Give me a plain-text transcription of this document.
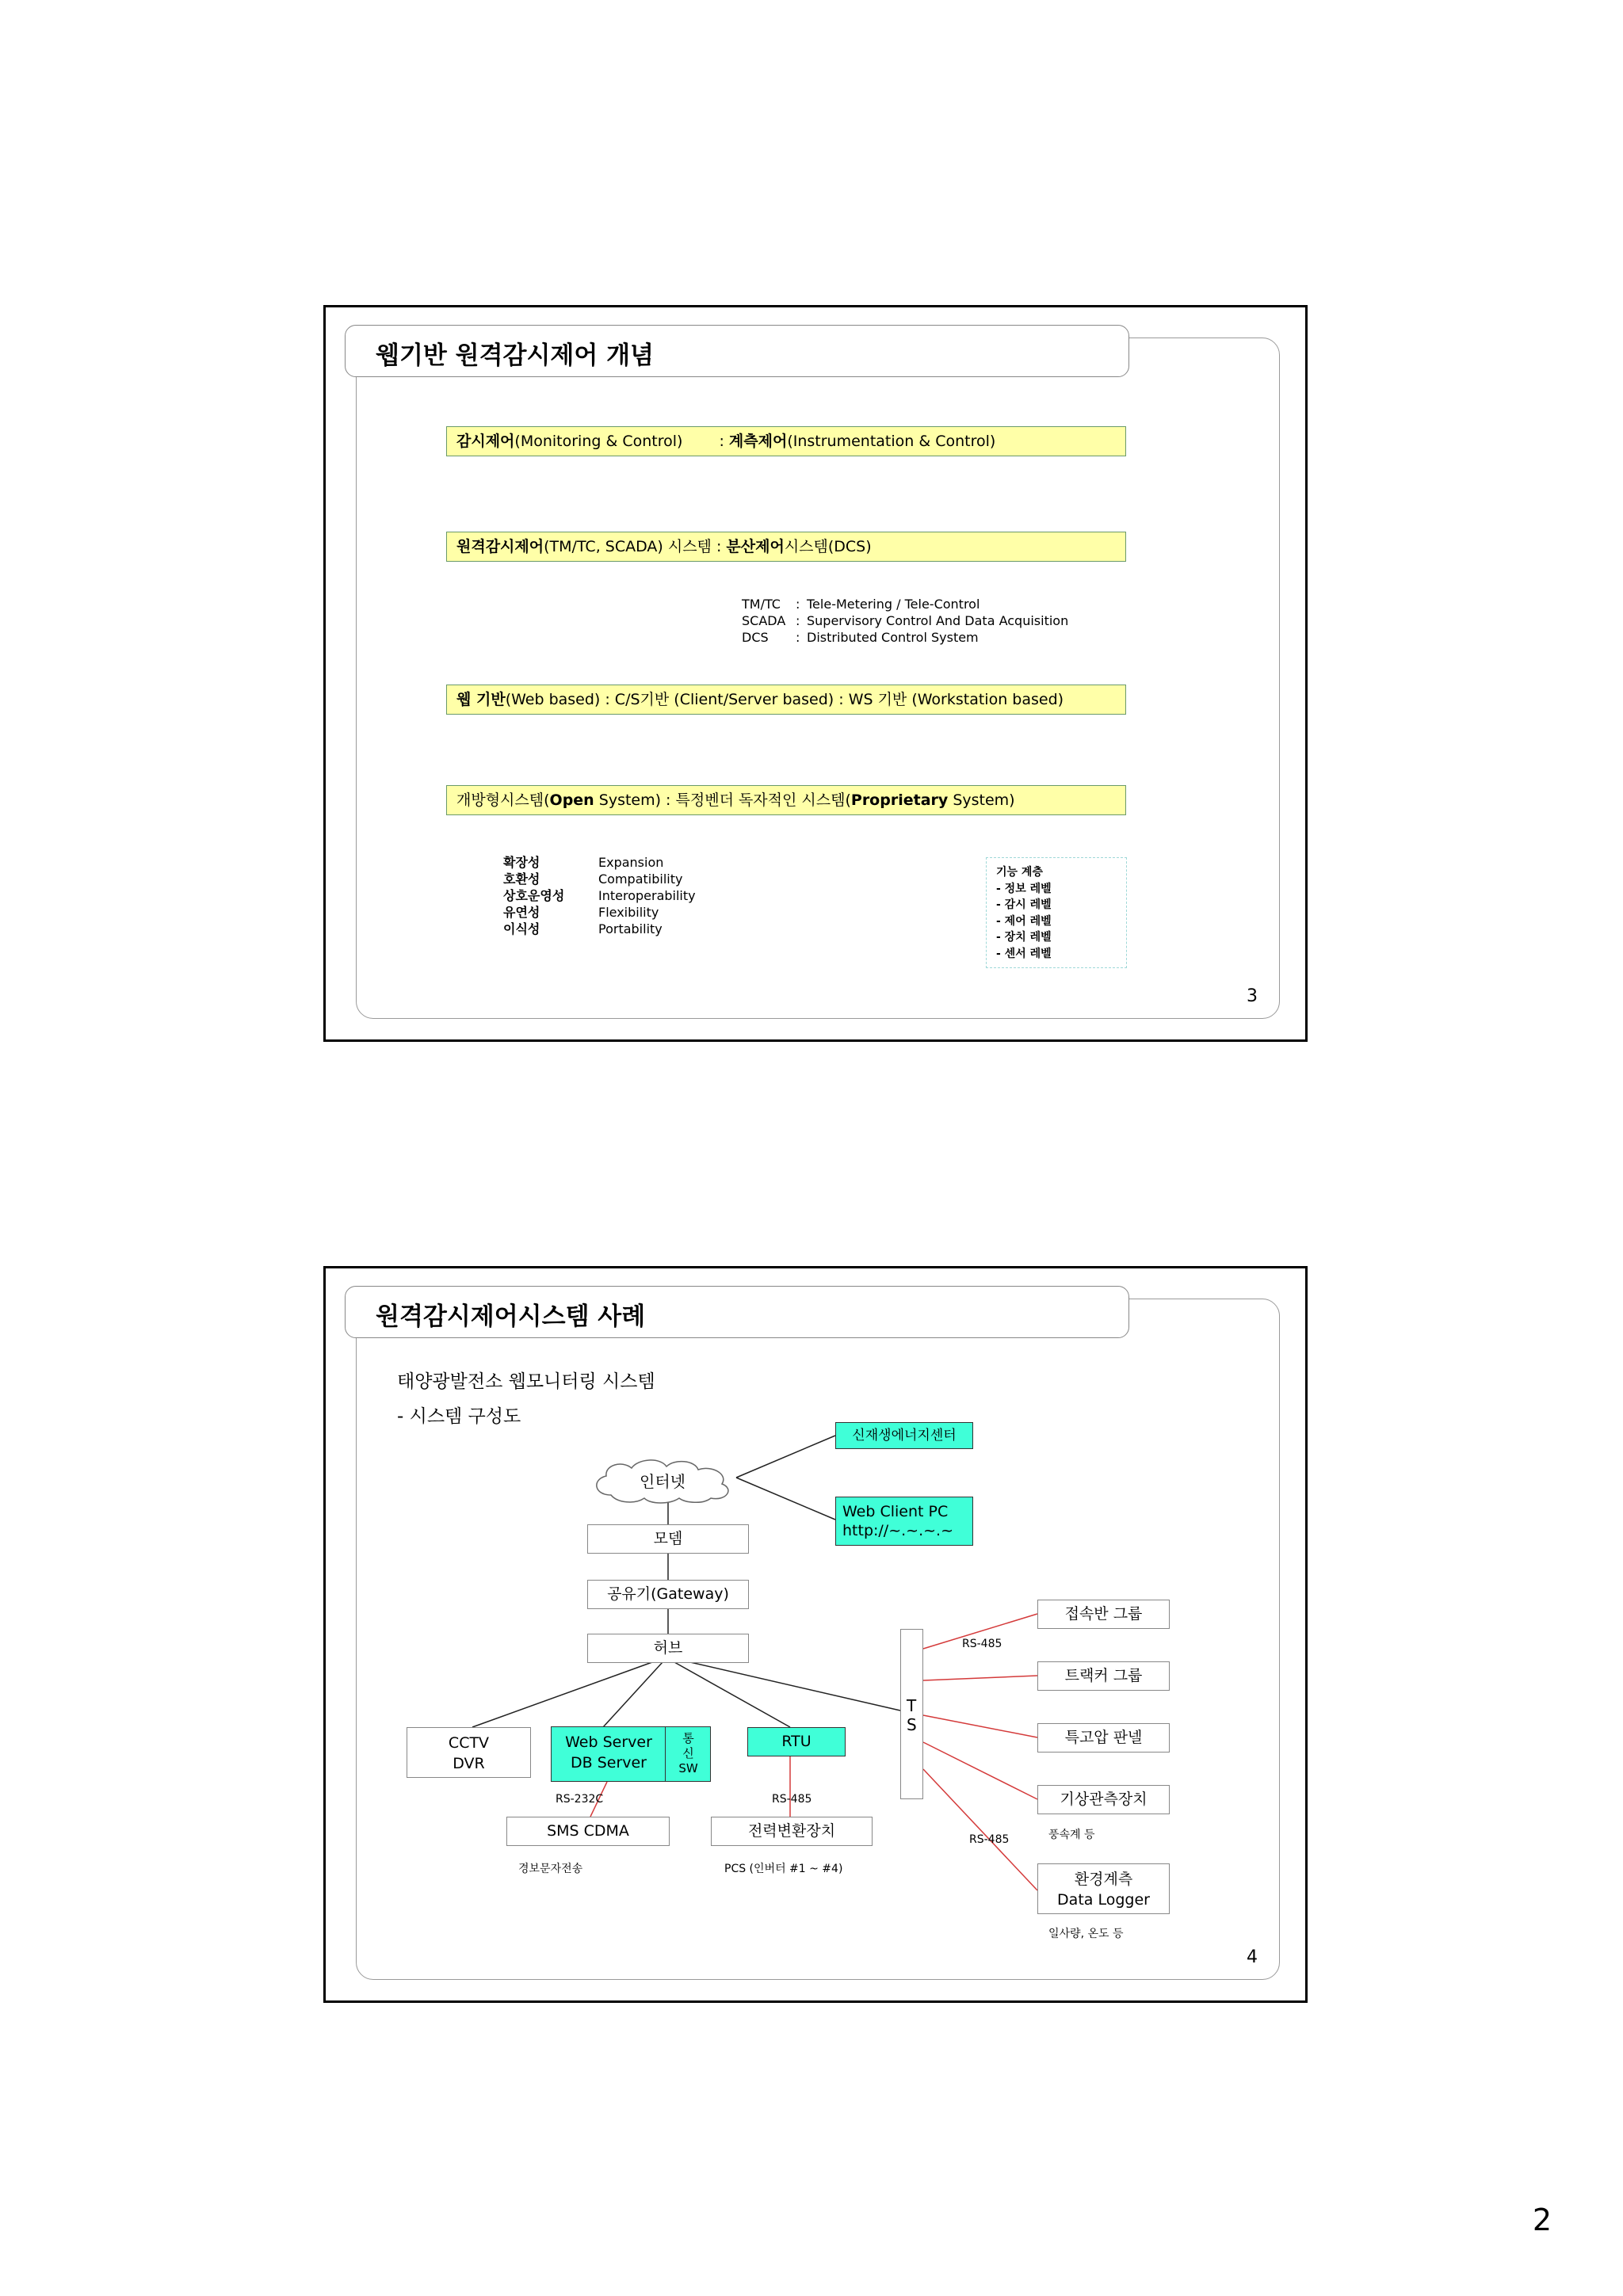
웹기반 원격감시제어 개념
감시제어(Monitoring & Control) : 계측제어(Instrumentation & Control)
원격감시제어(TM/TC, SCADA) 시스템 : 분산제어시스템(DCS)
TM/TC : Tele-Metering / Tele-Control
SCADA : Supervisory Control And Data Acquisition
DCS : Distributed Control System
웹 기반(Web based) : C/S기반 (Client/Server based) : WS 기반 (Workstation based)
개방형시스템(Open System) : 특정벤더 독자적인 시스템(Proprietary System)
확장성	Expansion
호환성	Compatibility
상호운영성	Interoperability
유연성	Flexibility
이식성	Portability
기능 계층
- 정보 레벨
- 감시 레벨
- 제어 레벨
- 장치 레벨
- 센서 레벨
3
원격감시제어시스템 사례
태양광발전소 웹모니터링 시스템
- 시스템 구성도
인터넷
신재생에너지센터
Web Client PC
http://~.~.~.~
모뎀
공유기(Gateway)
허브
CCTV
DVR
Web Server
DB Server
통
신
SW
RTU
T
S
RS-485
RS-232C	RS-485
RS-485
SMS CDMA
경보문자전송
전력변환장치
PCS (인버터 #1 ~ #4)
접속반 그룹
트랙커 그룹
특고압 판넬
기상관측장치
풍속계 등
환경계측
Data Logger
일사량, 온도 등
4
2
